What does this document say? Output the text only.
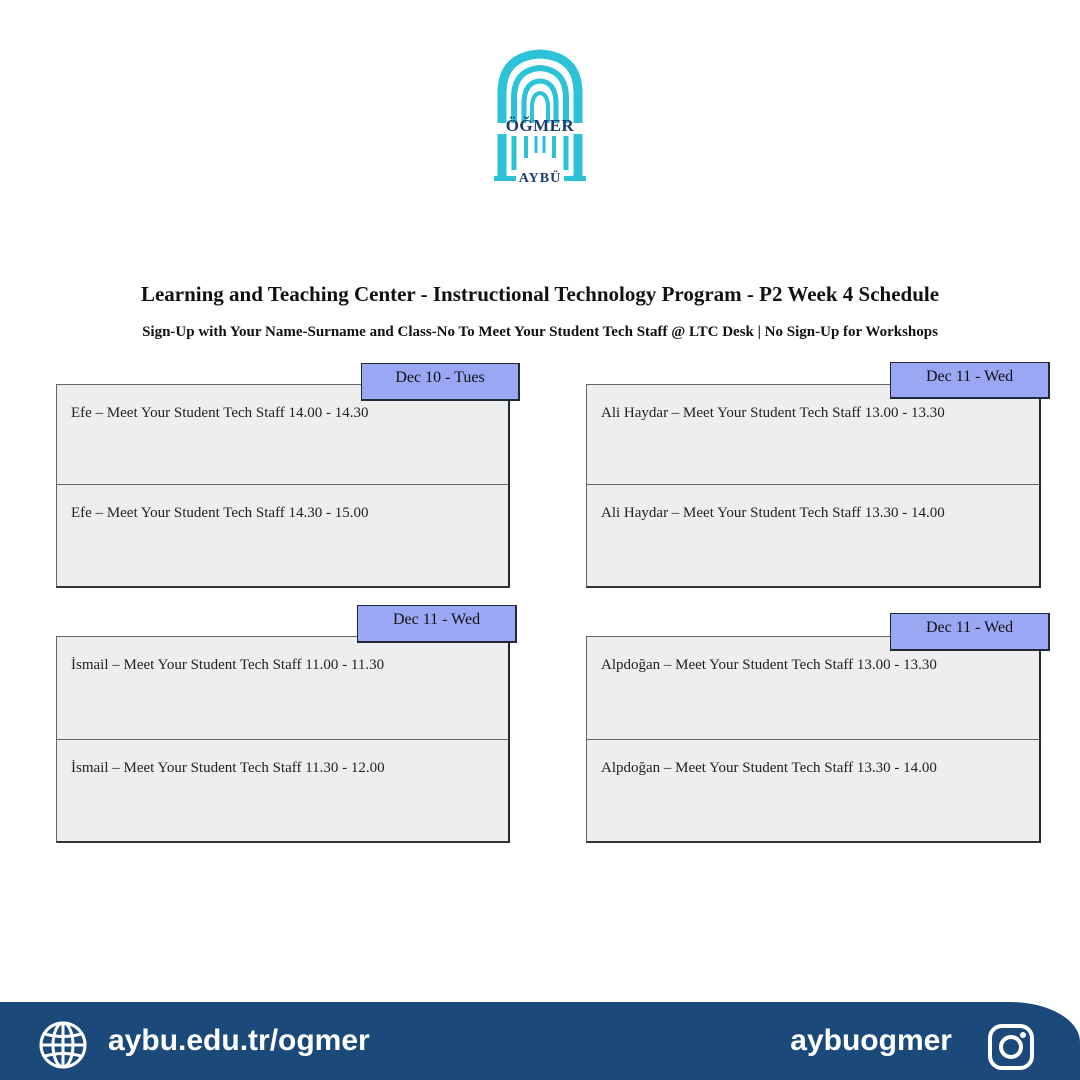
ÖĞMER
AYBÜ
Learning and Teaching Center - Instructional Technology Program - P2 Week 4 Schedule
Sign-Up with Your Name-Surname and Class-No To Meet Your Student Tech Staff @ LTC Desk | No Sign-Up for Workshops
Efe – Meet Your Student Tech Staff 14.00 - 14.30
Efe – Meet Your Student Tech Staff 14.30 - 15.00
Dec 10 - Tues
Ali Haydar – Meet Your Student Tech Staff 13.00 - 13.30
Ali Haydar – Meet Your Student Tech Staff 13.30 - 14.00
Dec 11 - Wed
İsmail – Meet Your Student Tech Staff 11.00 - 11.30
İsmail – Meet Your Student Tech Staff 11.30 - 12.00
Dec 11 - Wed
Alpdoğan – Meet Your Student Tech Staff 13.00 - 13.30
Alpdoğan – Meet Your Student Tech Staff 13.30 - 14.00
Dec 11 - Wed
aybu.edu.tr/ogmer	aybuogmer
